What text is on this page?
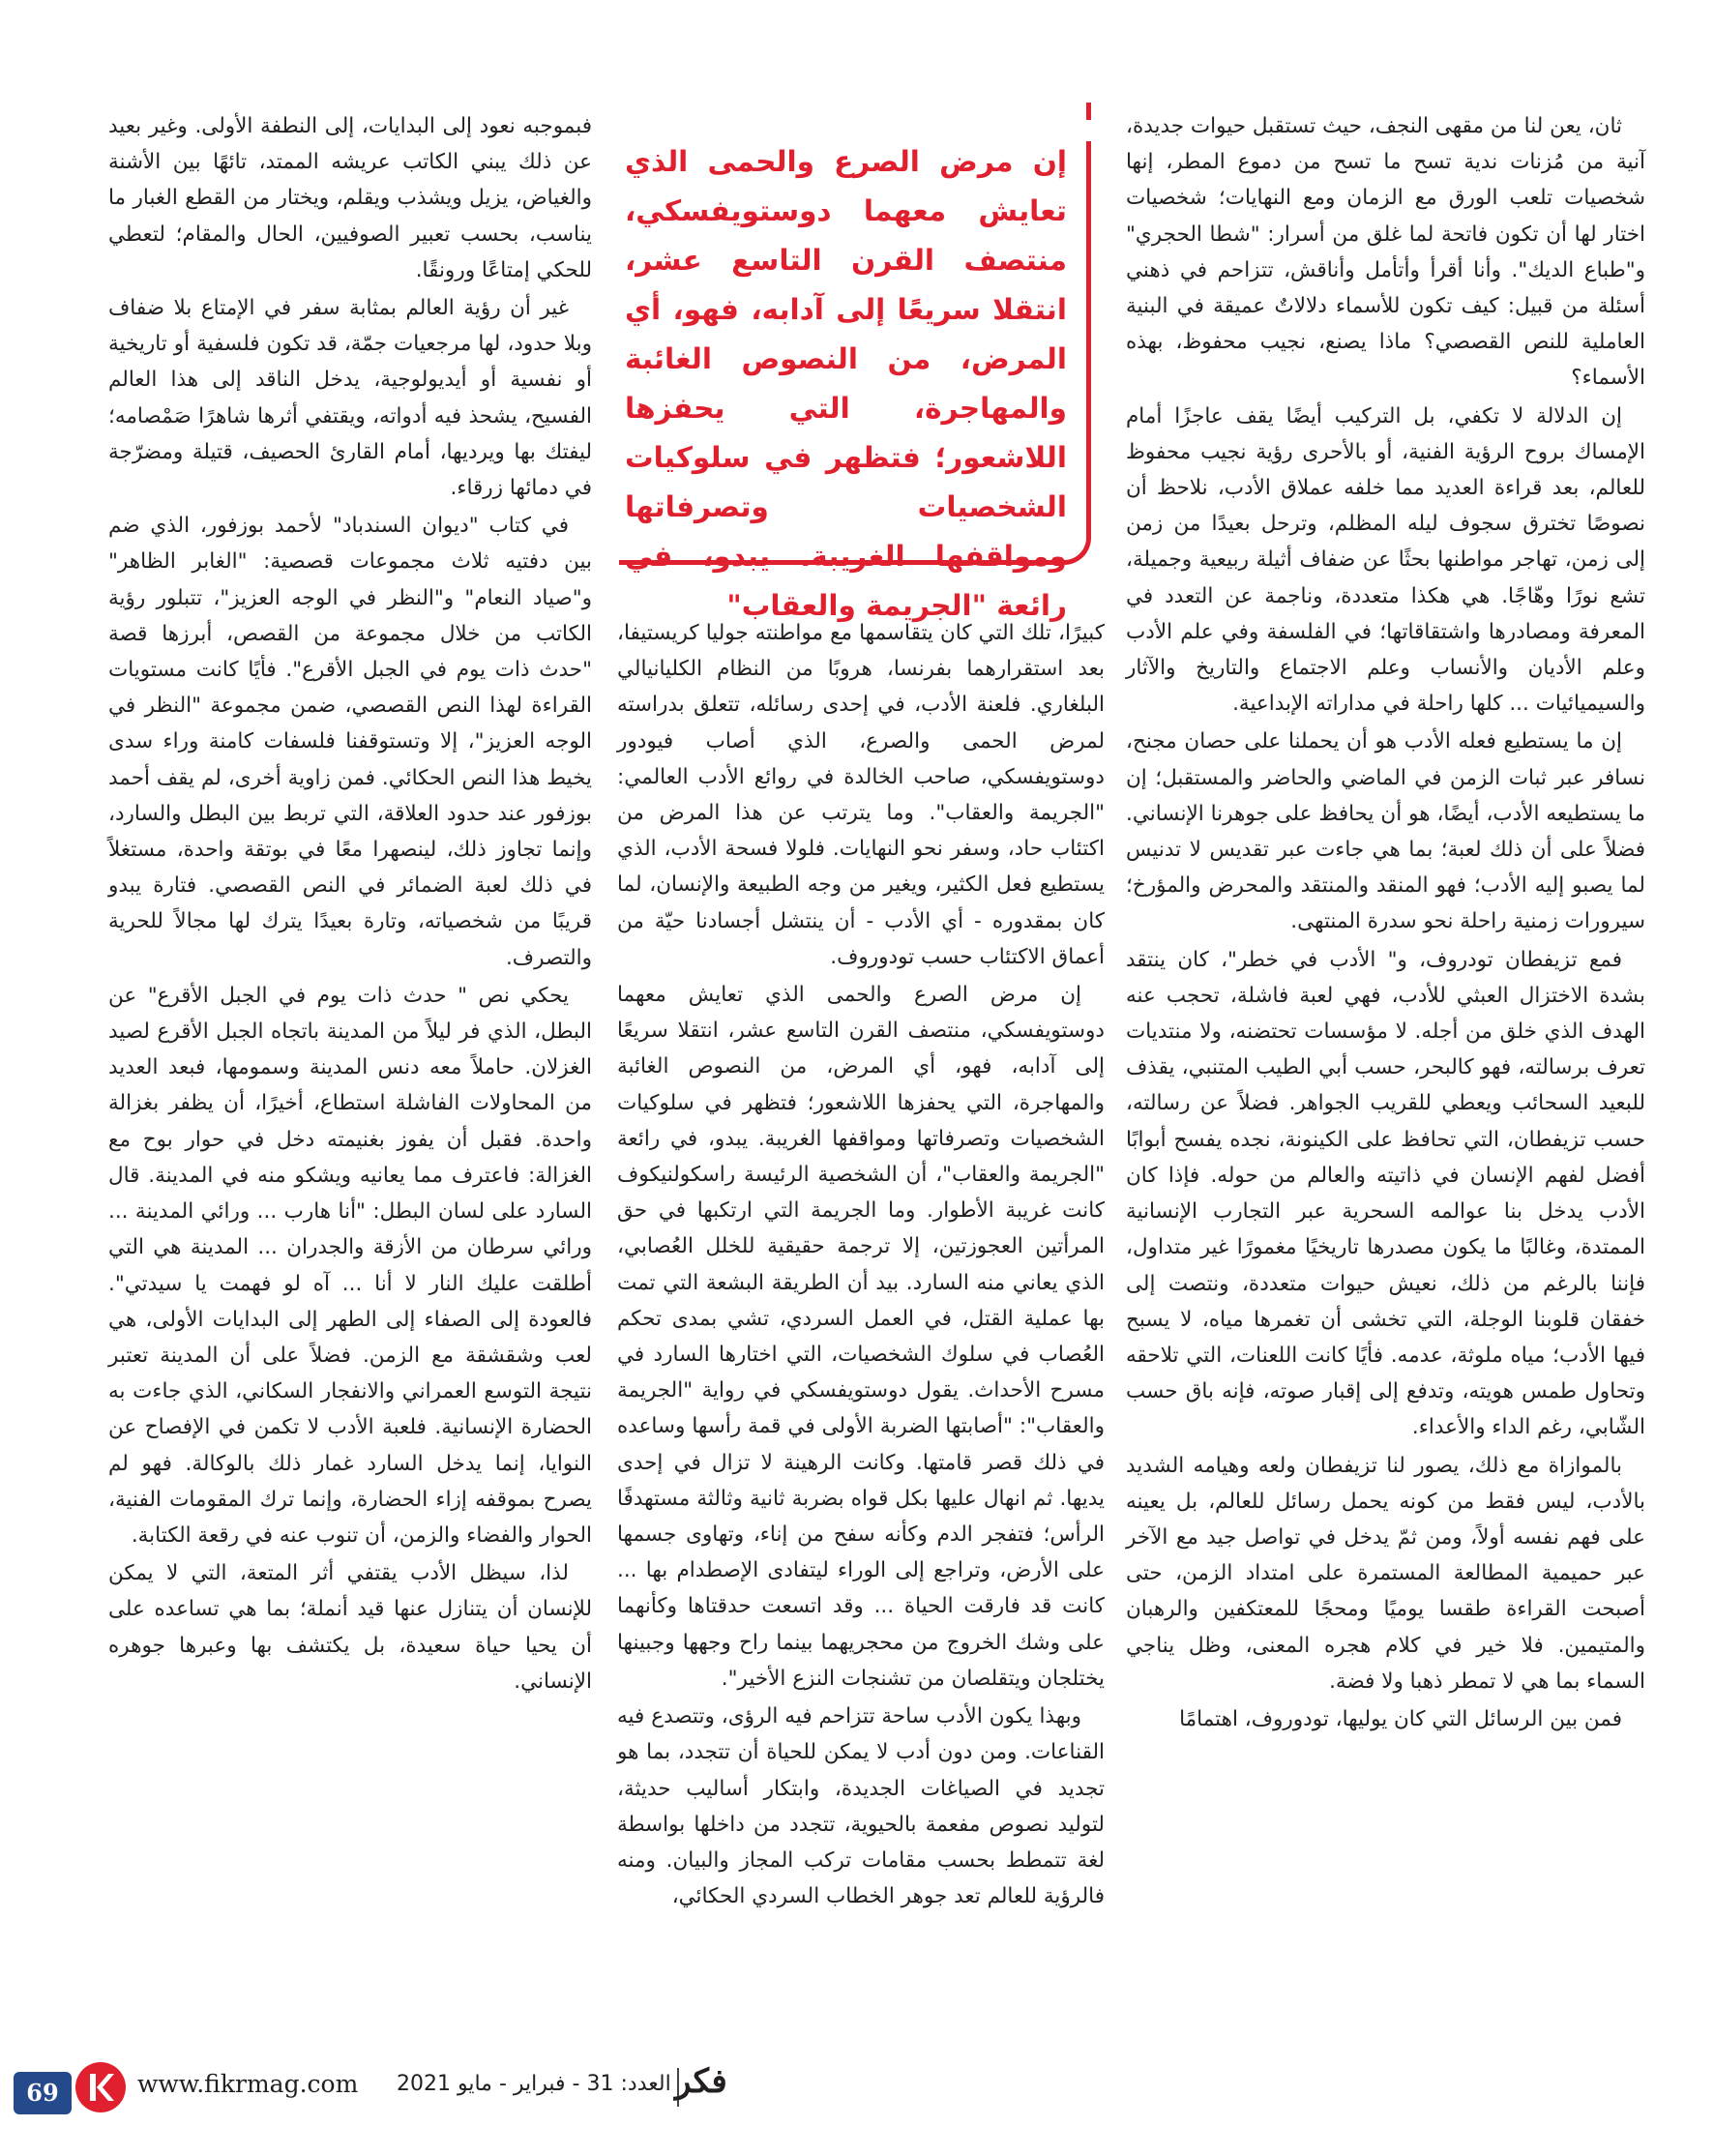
ثان، يعن لنا من مقهى النجف، حيث تستقبل حيوات جديدة، آنية من مُزنات ندية تسح ما تسح من دموع المطر، إنها شخصيات تلعب الورق مع الزمان ومع النهايات؛ شخصيات اختار لها أن تكون فاتحة لما غلق من أسرار: "شطا الحجري" و"طباع الديك". وأنا أقرأ وأتأمل وأناقش، تتزاحم في ذهني أسئلة من قبيل: كيف تكون للأسماء دلالاتٌ عميقة في البنية العاملية للنص القصصي؟ ماذا يصنع، نجيب محفوظ، بهذه الأسماء؟

إن الدلالة لا تكفي، بل التركيب أيضًا يقف عاجزًا أمام الإمساك بروح الرؤية الفنية، أو بالأحرى رؤية نجيب محفوظ للعالم، بعد قراءة العديد مما خلفه عملاق الأدب، نلاحظ أن نصوصًا تخترق سجوف ليله المظلم، وترحل بعيدًا من زمن إلى زمن، تهاجر مواطنها بحثًا عن ضفاف أثيلة ربيعية وجميلة، تشع نورًا وهّاجًا. هي هكذا متعددة، وناجمة عن التعدد في المعرفة ومصادرها واشتقاقاتها؛ في الفلسفة وفي علم الأدب وعلم الأديان والأنساب وعلم الاجتماع والتاريخ والآثار والسيميائيات ... كلها راحلة في مداراته الإبداعية.

إن ما يستطيع فعله الأدب هو أن يحملنا على حصان مجنح، نسافر عبر ثبات الزمن في الماضي والحاضر والمستقبل؛ إن ما يستطيعه الأدب، أيضًا، هو أن يحافظ على جوهرنا الإنساني. فضلاً على أن ذلك لعبة؛ بما هي جاءت عبر تقديس لا تدنيس لما يصبو إليه الأدب؛ فهو المنقد والمنتقد والمحرض والمؤرخ؛ سيرورات زمنية راحلة نحو سدرة المنتهى.

فمع تزيفطان تودروف، و" الأدب في خطر"، كان ينتقد بشدة الاختزال العبثي للأدب، فهي لعبة فاشلة، تحجب عنه الهدف الذي خلق من أجله. لا مؤسسات تحتضنه، ولا منتديات تعرف برسالته، فهو كالبحر، حسب أبي الطيب المتنبي، يقذف للبعيد السحائب ويعطي للقريب الجواهر. فضلاً عن رسالته، حسب تزيفطان، التي تحافظ على الكينونة، نجده يفسح أبوابًا أفضل لفهم الإنسان في ذاتيته والعالم من حوله. فإذا كان الأدب يدخل بنا عوالمه السحرية عبر التجارب الإنسانية الممتدة، وغالبًا ما يكون مصدرها تاريخيًا مغمورًا غير متداول، فإننا بالرغم من ذلك، نعيش حيوات متعددة، ونتصت إلى خفقان قلوبنا الوجلة، التي تخشى أن تغمرها مياه، لا يسبح فيها الأدب؛ مياه ملوثة، عدمه. فأيًا كانت اللعنات، التي تلاحقه وتحاول طمس هويته، وتدفع إلى إقبار صوته، فإنه باق حسب الشّابي، رغم الداء والأعداء.

بالموازاة مع ذلك، يصور لنا تزيفطان ولعه وهيامه الشديد بالأدب، ليس فقط من كونه يحمل رسائل للعالم، بل يعينه على فهم نفسه أولاً، ومن ثمّ يدخل في تواصل جيد مع الآخر عبر حميمية المطالعة المستمرة على امتداد الزمن، حتى أصبحت القراءة طقسا يوميًا ومحجًا للمعتكفين والرهبان والمتيمين. فلا خير في كلام هجره المعنى، وظل يناجي السماء بما هي لا تمطر ذهبا ولا فضة.

فمن بين الرسائل التي كان يوليها، تودوروف، اهتمامًا

إن مرض الصرع والحمى الذي تعايش معهما دوستويفسكي، منتصف القرن التاسع عشر، انتقلا سريعًا إلى آدابه، فهو، أي المرض، من النصوص الغائبة والمهاجرة، التي يحفزها اللاشعور؛ فتظهر في سلوكيات الشخصيات وتصرفاتها ومواقفها الغريبة. يبدو، في رائعة "الجريمة والعقاب"

كبيرًا، تلك التي كان يتقاسمها مع مواطنته جوليا كريستيفا، بعد استقرارهما بفرنسا، هروبًا من النظام الكليانيالي البلغاري. فلعنة الأدب، في إحدى رسائله، تتعلق بدراسته لمرض الحمى والصرع، الذي أصاب فيودور دوستويفسكي، صاحب الخالدة في روائع الأدب العالمي: "الجريمة والعقاب". وما يترتب عن هذا المرض من اكتئاب حاد، وسفر نحو النهايات. فلولا فسحة الأدب، الذي يستطيع فعل الكثير، ويغير من وجه الطبيعة والإنسان، لما كان بمقدوره - أي الأدب - أن ينتشل أجسادنا حيّة من أعماق الاكتئاب حسب تودوروف.

إن مرض الصرع والحمى الذي تعايش معهما دوستويفسكي، منتصف القرن التاسع عشر، انتقلا سريعًا إلى آدابه، فهو، أي المرض، من النصوص الغائبة والمهاجرة، التي يحفزها اللاشعور؛ فتظهر في سلوكيات الشخصيات وتصرفاتها ومواقفها الغريبة. يبدو، في رائعة "الجريمة والعقاب"، أن الشخصية الرئيسة راسكولنيكوف كانت غريبة الأطوار. وما الجريمة التي ارتكبها في حق المرأتين العجوزتين، إلا ترجمة حقيقية للخلل العُصابي، الذي يعاني منه السارد. بيد أن الطريقة البشعة التي تمت بها عملية القتل، في العمل السردي، تشي بمدى تحكم العُصاب في سلوك الشخصيات، التي اختارها السارد في مسرح الأحداث. يقول دوستويفسكي في رواية "الجريمة والعقاب": "أصابتها الضربة الأولى في قمة رأسها وساعده في ذلك قصر قامتها. وكانت الرهينة لا تزال في إحدى يديها. ثم انهال عليها بكل قواه بضربة ثانية وثالثة مستهدفًا الرأس؛ فتفجر الدم وكأنه سفح من إناء، وتهاوى جسمها على الأرض، وتراجع إلى الوراء ليتفادى الإصطدام بها ... كانت قد فارقت الحياة ... وقد اتسعت حدقتاها وكأنهما على وشك الخروج من محجريهما بينما راح وجهها وجبينها يختلجان ويتقلصان من تشنجات النزع الأخير".

وبهذا يكون الأدب ساحة تتزاحم فيه الرؤى، وتتصدع فيه القناعات. ومن دون أدب لا يمكن للحياة أن تتجدد، بما هو تجديد في الصياغات الجديدة، وابتكار أساليب حديثة، لتوليد نصوص مفعمة بالحيوية، تتجدد من داخلها بواسطة لغة تتمطط بحسب مقامات تركب المجاز والبيان. ومنه فالرؤية للعالم تعد جوهر الخطاب السردي الحكائي،

فبموجبه نعود إلى البدايات، إلى النطفة الأولى. وغير بعيد عن ذلك يبني الكاتب عريشه الممتد، تائهًا بين الأشنة والغياض، يزيل ويشذب ويقلم، ويختار من القطع الغبار ما يناسب، بحسب تعبير الصوفيين، الحال والمقام؛ لتعطي للحكي إمتاعًا ورونقًا.

غير أن رؤية العالم بمثابة سفر في الإمتاع بلا ضفاف وبلا حدود، لها مرجعيات جمّة، قد تكون فلسفية أو تاريخية أو نفسية أو أيديولوجية، يدخل الناقد إلى هذا العالم الفسيح، يشحذ فيه أدواته، ويقتفي أثرها شاهرًا صَمْصامه؛ ليفتك بها ويرديها، أمام القارئ الحصيف، قتيلة ومضرّجة في دمائها زرقاء.

في كتاب "ديوان السندباد" لأحمد بوزفور، الذي ضم بين دفتيه ثلاث مجموعات قصصية: "الغابر الظاهر" و"صياد النعام" و"النظر في الوجه العزيز"، تتبلور رؤية الكاتب من خلال مجموعة من القصص، أبرزها قصة "حدث ذات يوم في الجبل الأقرع". فأيًا كانت مستويات القراءة لهذا النص القصصي، ضمن مجموعة "النظر في الوجه العزيز"، إلا وتستوقفنا فلسفات كامنة وراء سدى يخيط هذا النص الحكائي. فمن زاوية أخرى، لم يقف أحمد بوزفور عند حدود العلاقة، التي تربط بين البطل والسارد، وإنما تجاوز ذلك، لينصهرا معًا في بوتقة واحدة، مستغلاً في ذلك لعبة الضمائر في النص القصصي. فتارة يبدو قريبًا من شخصياته، وتارة بعيدًا يترك لها مجالاً للحرية والتصرف.

يحكي نص " حدث ذات يوم في الجبل الأقرع" عن البطل، الذي فر ليلاً من المدينة باتجاه الجبل الأقرع لصيد الغزلان. حاملاً معه دنس المدينة وسمومها، فبعد العديد من المحاولات الفاشلة استطاع، أخيرًا، أن يظفر بغزالة واحدة. فقبل أن يفوز بغنيمته دخل في حوار بوح مع الغزالة: فاعترف مما يعانيه ويشكو منه في المدينة. قال السارد على لسان البطل: "أنا هارب ... ورائي المدينة ... ورائي سرطان من الأزقة والجدران ... المدينة هي التي أطلقت عليك النار لا أنا ... آه لو فهمت يا سيدتي". فالعودة إلى الصفاء إلى الطهر إلى البدايات الأولى، هي لعب وشقشقة مع الزمن. فضلاً على أن المدينة تعتبر نتيجة التوسع العمراني والانفجار السكاني، الذي جاءت به الحضارة الإنسانية. فلعبة الأدب لا تكمن في الإفصاح عن النوايا، إنما يدخل السارد غمار ذلك بالوكالة. فهو لم يصرح بموقفه إزاء الحضارة، وإنما ترك المقومات الفنية، الحوار والفضاء والزمن، أن تنوب عنه في رقعة الكتابة.

لذا، سيظل الأدب يقتفي أثر المتعة، التي لا يمكن للإنسان أن يتنازل عنها قيد أنملة؛ بما هي تساعده على أن يحيا حياة سعيدة، بل يكتشف بها وعبرها جوهره الإنساني.

69	www.fikrmag.com العدد: 31 - فبراير - مايو 2021 فكر
